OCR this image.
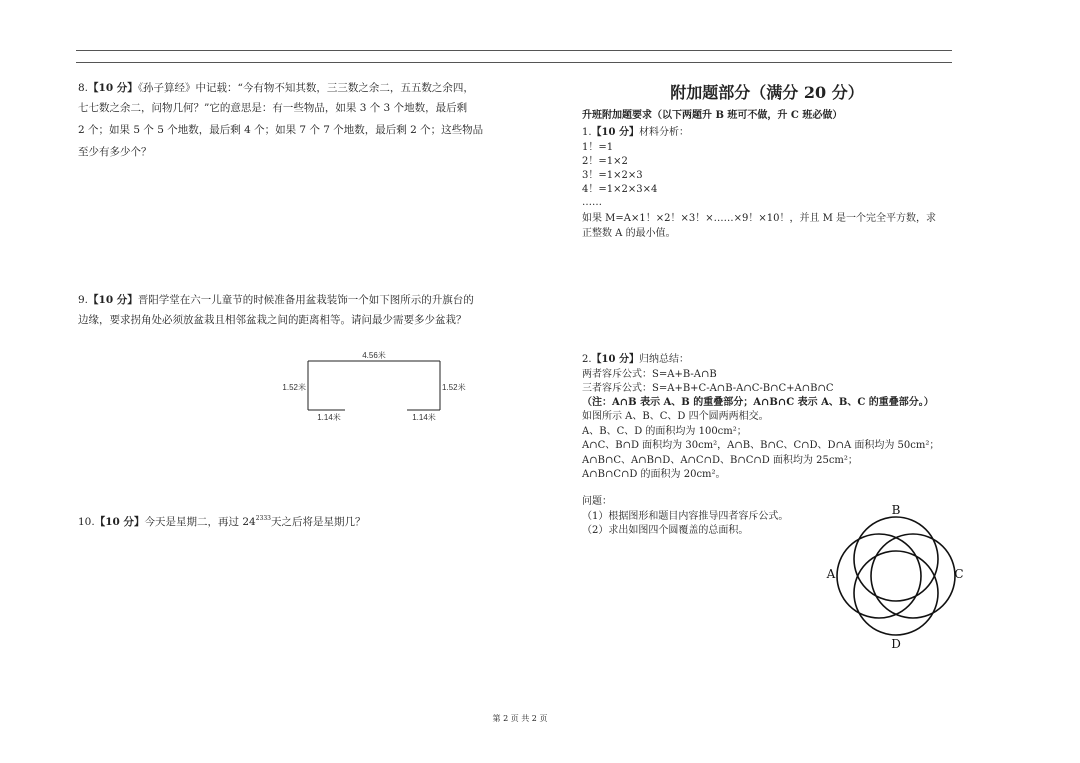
8.【10 分】《孙子算经》中记载：“今有物不知其数，三三数之余二，五五数之余四，
七七数之余二，问物几何？”它的意思是：有一些物品，如果 3 个 3 个地数，最后剩
2 个；如果 5 个 5 个地数，最后剩 4 个；如果 7 个 7 个地数，最后剩 2 个；这些物品
至少有多少个？
9.【10 分】晋阳学堂在六一儿童节的时候准备用盆栽装饰一个如下图所示的升旗台的
边缘，要求拐角处必须放盆栽且相邻盆栽之间的距离相等。请问最少需要多少盆栽？
4.56米
1.52米	1.52米
1.14米	1.14米
10.【10 分】今天是星期二，再过 $24^{2333}$天之后将是星期几？
附加题部分（满分 20 分）
升班附加题要求（以下两题升 B 班可不做，升 C 班必做）
1.【10 分】材料分析：
1！=1
2！=1×2
3！=1×2×3
4！=1×2×3×4
……
如果 M=A×1！×2！×3！×……×9！×10！，并且 M 是一个完全平方数，求
正整数 A 的最小值。
2.【10 分】归纳总结：
两者容斥公式：S=A+B-A∩B
三者容斥公式：S=A+B+C-A∩B-A∩C-B∩C+A∩B∩C
（注：A∩B 表示 A、B 的重叠部分；A∩B∩C 表示 A、B、C 的重叠部分。）
如图所示 A、B、C、D 四个圆两两相交。
A、B、C、D 的面积均为 100cm²；
A∩C、B∩D 面积均为 30cm²，A∩B、B∩C、C∩D、D∩A 面积均为 50cm²；
A∩B∩C、A∩B∩D、A∩C∩D、B∩C∩D 面积均为 25cm²；
A∩B∩C∩D 的面积为 20cm²。
问题：
（1）根据图形和题目内容推导四者容斥公式。
（2）求出如图四个圆覆盖的总面积。
B
A	C
D
第 2 页 共 2 页
